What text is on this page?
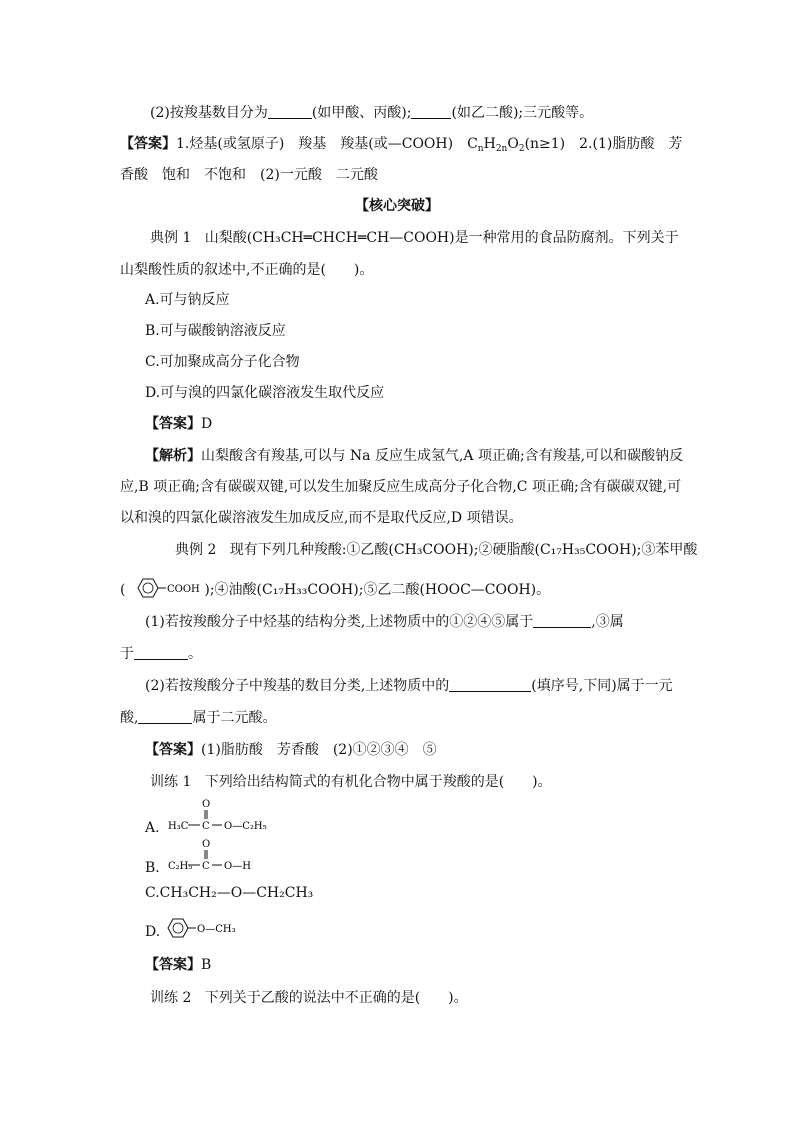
(2)按羧基数目分为	(如甲酸、丙酸);	(如乙二酸);三元酸等。
【答案】1.烃基(或氢原子)　羧基　羧基(或—COOH)　$C_nH_{2n}O_2(n\ge 1)$　2.(1)脂肪酸　芳
香酸　饱和　不饱和　(2)一元酸　二元酸
【核心突破】
典例 1 山梨酸(CH₃CH═CHCH═CH—COOH)是一种常用的食品防腐剂。下列关于
山梨酸性质的叙述中,不正确的是(　　)。
A.可与钠反应
B.可与碳酸钠溶液反应
C.可加聚成高分子化合物
D.可与溴的四氯化碳溶液发生取代反应
【答案】D
【解析】山梨酸含有羧基,可以与 Na 反应生成氢气,A 项正确;含有羧基,可以和碳酸钠反
应,B 项正确;含有碳碳双键,可以发生加聚反应生成高分子化合物,C 项正确;含有碳碳双键,可
以和溴的四氯化碳溶液发生加成反应,而不是取代反应,D 项错误。
典例 2 现有下列几种羧酸:①乙酸(CH₃COOH);②硬脂酸(C₁₇H₃₅COOH);③苯甲酸
(	COOH );④油酸(C₁₇H₃₃COOH);⑤乙二酸(HOOC—COOH)。
(1)若按羧酸分子中烃基的结构分类,上述物质中的①②④⑤属于	,③属
于	。
(2)若按羧酸分子中羧基的数目分类,上述物质中的	(填序号,下同)属于一元
酸,	属于二元酸。
【答案】(1)脂肪酸　芳香酸　(2)①②③④　⑤
训练 1 下列给出结构简式的有机化合物中属于羧酸的是(　　)。
A.
O
H₃C C O—C₂H₅
B.
O
C₂H₅ C O—H
C.CH₃CH₂—O—CH₂CH₃
D.	O—CH₃
【答案】B
训练 2 下列关于乙酸的说法中不正确的是(　　)。
